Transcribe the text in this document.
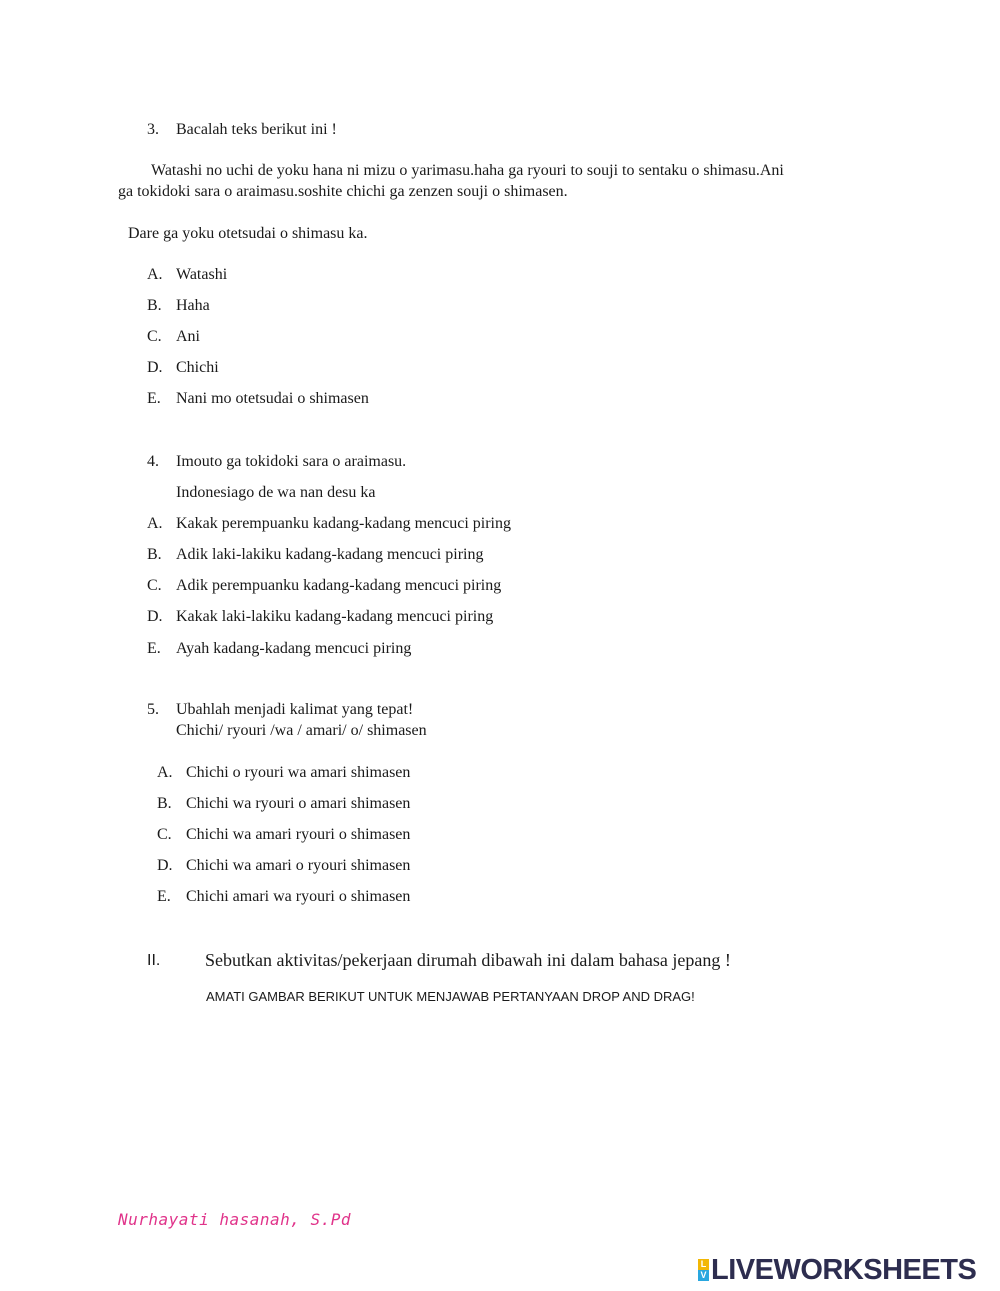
3. Bacalah teks berikut ini !
Watashi no uchi de yoku hana ni mizu o yarimasu.haha ga ryouri to souji to sentaku o shimasu.Ani
ga tokidoki sara o araimasu.soshite chichi ga zenzen souji o shimasen.
Dare ga yoku otetsudai o shimasu ka.
A. Watashi
B. Haha
C. Ani
D. Chichi
E. Nani mo otetsudai o shimasen
4. Imouto ga tokidoki sara o araimasu.
Indonesiago de wa nan desu ka
A. Kakak perempuanku kadang-kadang mencuci piring
B. Adik laki-lakiku kadang-kadang mencuci piring
C. Adik perempuanku kadang-kadang mencuci piring
D. Kakak laki-lakiku kadang-kadang mencuci piring
E. Ayah kadang-kadang mencuci piring
5. Ubahlah menjadi kalimat yang tepat!
Chichi/ ryouri /wa / amari/ o/ shimasen
A. Chichi o ryouri wa amari shimasen
B. Chichi wa ryouri o amari shimasen
C. Chichi wa amari ryouri o shimasen
D. Chichi wa amari o ryouri shimasen
E. Chichi amari wa ryouri o shimasen
II. Sebutkan aktivitas/pekerjaan dirumah dibawah ini dalam bahasa jepang !
AMATI GAMBAR BERIKUT UNTUK MENJAWAB PERTANYAAN DROP AND DRAG!
Nurhayati hasanah, S.Pd
L
V LIVEWORKSHEETS
